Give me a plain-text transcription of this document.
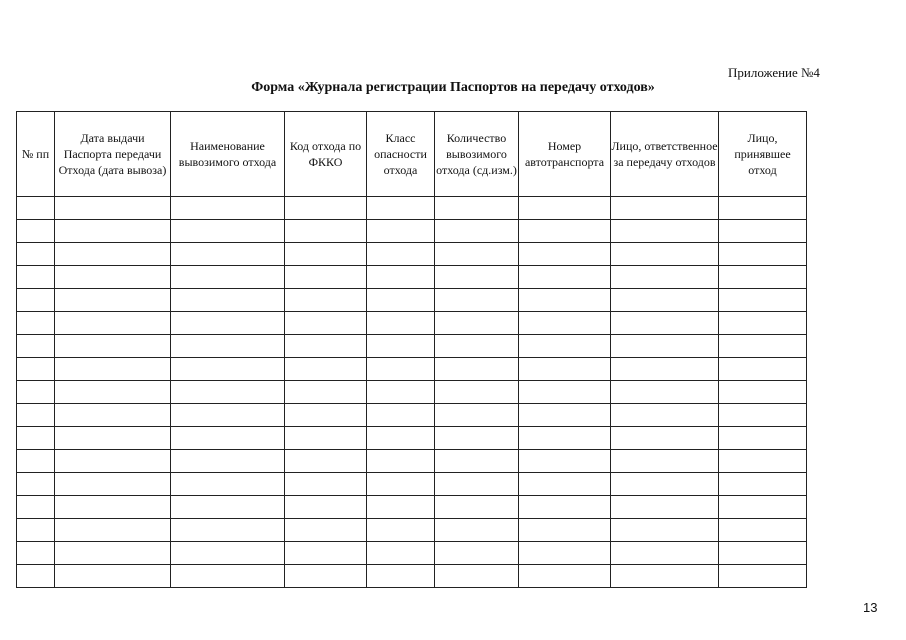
Приложение №4
Форма «Журнала регистрации Паспортов на передачу отходов»
№ пп	Дата выдачи Паспорта передачи Отхода (дата вывоза)	Наименование вывозимого отхода	Код отхода по ФККО	Класс опасности отхода	Количество вывозимого отхода (сд.изм.)	Номер автотранспорта	Лицо, ответственное за передачу отходов	Лицо, принявшее отход

13
